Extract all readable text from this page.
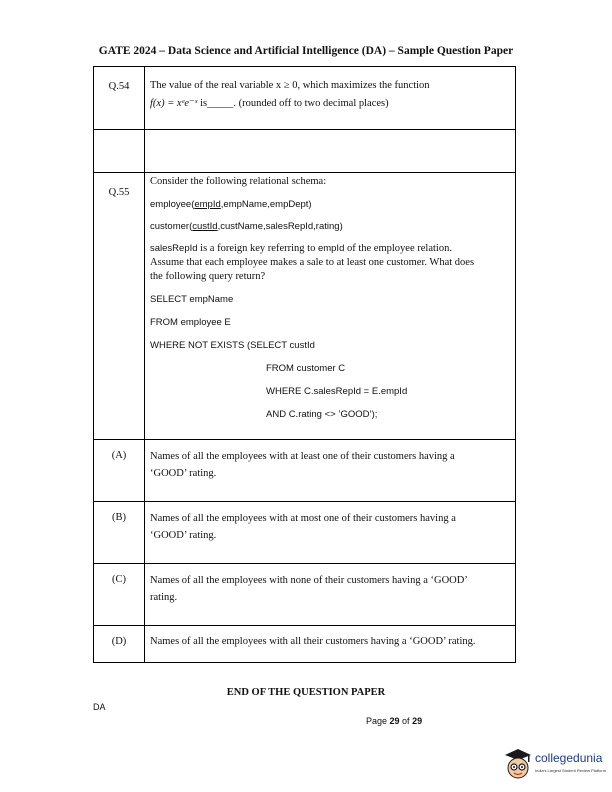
GATE 2024 – Data Science and Artificial Intelligence (DA) – Sample Question Paper
Q.54	The value of the real variable x ≥ 0, which maximizes the function
f(x) = xᵉe⁻ˣ is_____. (rounded off to two decimal places)
Q.55
Consider the following relational schema:
employee(empId,empName,empDept)
customer(custId,custName,salesRepId,rating)
salesRepId is a foreign key referring to empId of the employee relation.
Assume that each employee makes a sale to at least one customer. What does
the following query return?
SELECT empName
FROM employee E
WHERE NOT EXISTS (SELECT custId
FROM customer C
WHERE C.salesRepId = E.empId
AND C.rating <> ’GOOD’);
(A)	Names of all the employees with at least one of their customers having a
‘GOOD’ rating.
(B)	Names of all the employees with at most one of their customers having a
‘GOOD’ rating.
(C)	Names of all the employees with none of their customers having a ‘GOOD’
rating.
(D)	Names of all the employees with all their customers having a ‘GOOD’ rating.
END OF THE QUESTION PAPER
DA
Page 29 of 29
collegedunia
India's Largest Student Review Platform
